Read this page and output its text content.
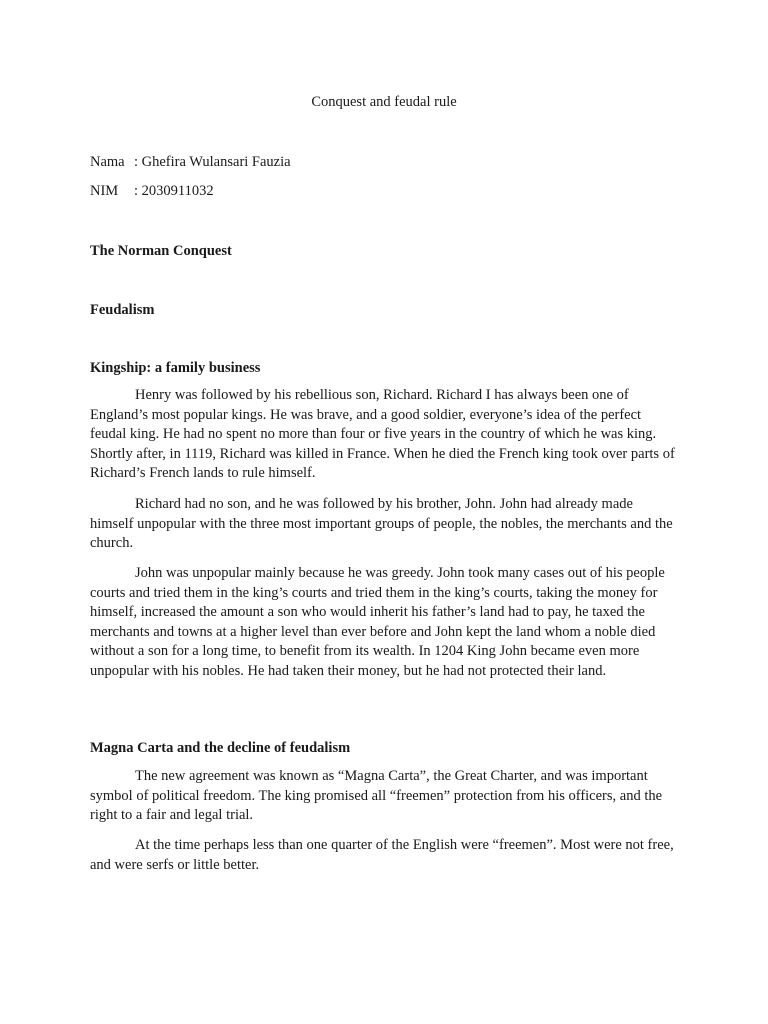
Conquest and feudal rule
Nama : Ghefira Wulansari Fauzia
NIM : 2030911032
The Norman Conquest
Feudalism
Kingship: a family business

Henry was followed by his rebellious son, Richard. Richard I has always been one of England’s most popular kings. He was brave, and a good soldier, everyone’s idea of the perfect feudal king. He had no spent no more than four or five years in the country of which he was king. Shortly after, in 1119, Richard was killed in France. When he died the French king took over parts of Richard’s French lands to rule himself.

Richard had no son, and he was followed by his brother, John. John had already made himself unpopular with the three most important groups of people, the nobles, the merchants and the church.

John was unpopular mainly because he was greedy. John took many cases out of his people courts and tried them in the king’s courts and tried them in the king’s courts, taking the money for himself, increased the amount a son who would inherit his father’s land had to pay, he taxed the merchants and towns at a higher level than ever before and John kept the land whom a noble died without a son for a long time, to benefit from its wealth. In 1204 King John became even more unpopular with his nobles. He had taken their money, but he had not protected their land.

Magna Carta and the decline of feudalism

The new agreement was known as “Magna Carta”, the Great Charter, and was important symbol of political freedom. The king promised all “freemen” protection from his officers, and the right to a fair and legal trial.

At the time perhaps less than one quarter of the English were “freemen”. Most were not free, and were serfs or little better.
